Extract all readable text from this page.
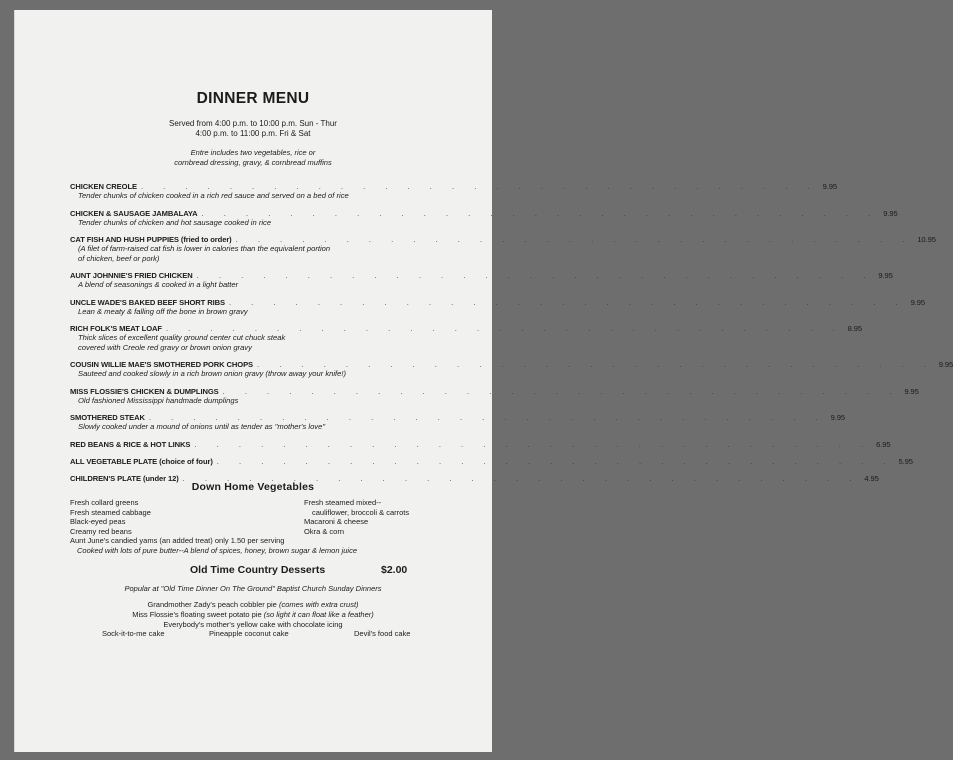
DINNER MENU
Served from 4:00 p.m. to 10:00 p.m. Sun - Thur
4:00 p.m. to 11:00 p.m. Fri & Sat
Entre includes two vegetables, rice or
cornbread dressing, gravy, & cornbread muffins
CHICKEN CREOLE . . . . . . . . . . . . . . . . . . . . . . . . . . . . . . . 9.95
Tender chunks of chicken cooked in a rich red sauce and served on a bed of rice
CHICKEN & SAUSAGE JAMBALAYA . . . . . . . . . . . . . . . . . . . . . . . . . . . . . . . 9.95
Tender chunks of chicken and hot sausage cooked in rice
CAT FISH AND HUSH PUPPIES (fried to order) . . . . . . . . . . . . . . . . . . . . . . . . . . . . . . . 10.95
(A filet of farm-raised cat fish is lower in calories than the equivalent portion
of chicken, beef or pork)
AUNT JOHNNIE'S FRIED CHICKEN . . . . . . . . . . . . . . . . . . . . . . . . . . . . . . . 9.95
A blend of seasonings & cooked in a light batter
UNCLE WADE'S BAKED BEEF SHORT RIBS . . . . . . . . . . . . . . . . . . . . . . . . . . . . . . . 9.95
Lean & meaty & falling off the bone in brown gravy
RICH FOLK'S MEAT LOAF . . . . . . . . . . . . . . . . . . . . . . . . . . . . . . . 8.95
Thick slices of excellent quality ground center cut chuck steak
covered with Creole red gravy or brown onion gravy
COUSIN WILLIE MAE'S SMOTHERED PORK CHOPS . . . . . . . . . . . . . . . . . . . . . . . . . . . . . . . 9.95
Sauteed and cooked slowly in a rich brown onion gravy (throw away your knife!)
MISS FLOSSIE'S CHICKEN & DUMPLINGS . . . . . . . . . . . . . . . . . . . . . . . . . . . . . . . 9.95
Old fashioned Mississippi handmade dumplings
SMOTHERED STEAK . . . . . . . . . . . . . . . . . . . . . . . . . . . . . . . 9.95
Slowly cooked under a mound of onions until as tender as "mother's love"
RED BEANS & RICE & HOT LINKS . . . . . . . . . . . . . . . . . . . . . . . . . . . . . . . 6.95
ALL VEGETABLE PLATE (choice of four) . . . . . . . . . . . . . . . . . . . . . . . . . . . . . . . 5.95
CHILDREN'S PLATE (under 12) . . . . . . . . . . . . . . . . . . . . . . . . . . . . . . . 4.95
Down Home Vegetables
Fresh collard greens
Fresh steamed cabbage
Black-eyed peas
Creamy red beans
Fresh steamed mixed--
cauliflower, broccoli & carrots
Macaroni & cheese
Okra & corn
Aunt June's candied yams (an added treat) only 1.50 per serving
Cooked with lots of pure butter--A blend of spices, honey, brown sugar & lemon juice
Old Time Country Desserts	$2.00
Popular at "Old Time Dinner On The Ground" Baptist Church Sunday Dinners
Grandmother Zady's peach cobbler pie (comes with extra crust)
Miss Flossie's floating sweet potato pie (so light it can float like a feather)
Everybody's mother's yellow cake with chocolate icing
Sock-it-to-me cake	Pineapple coconut cake	Devil's food cake
